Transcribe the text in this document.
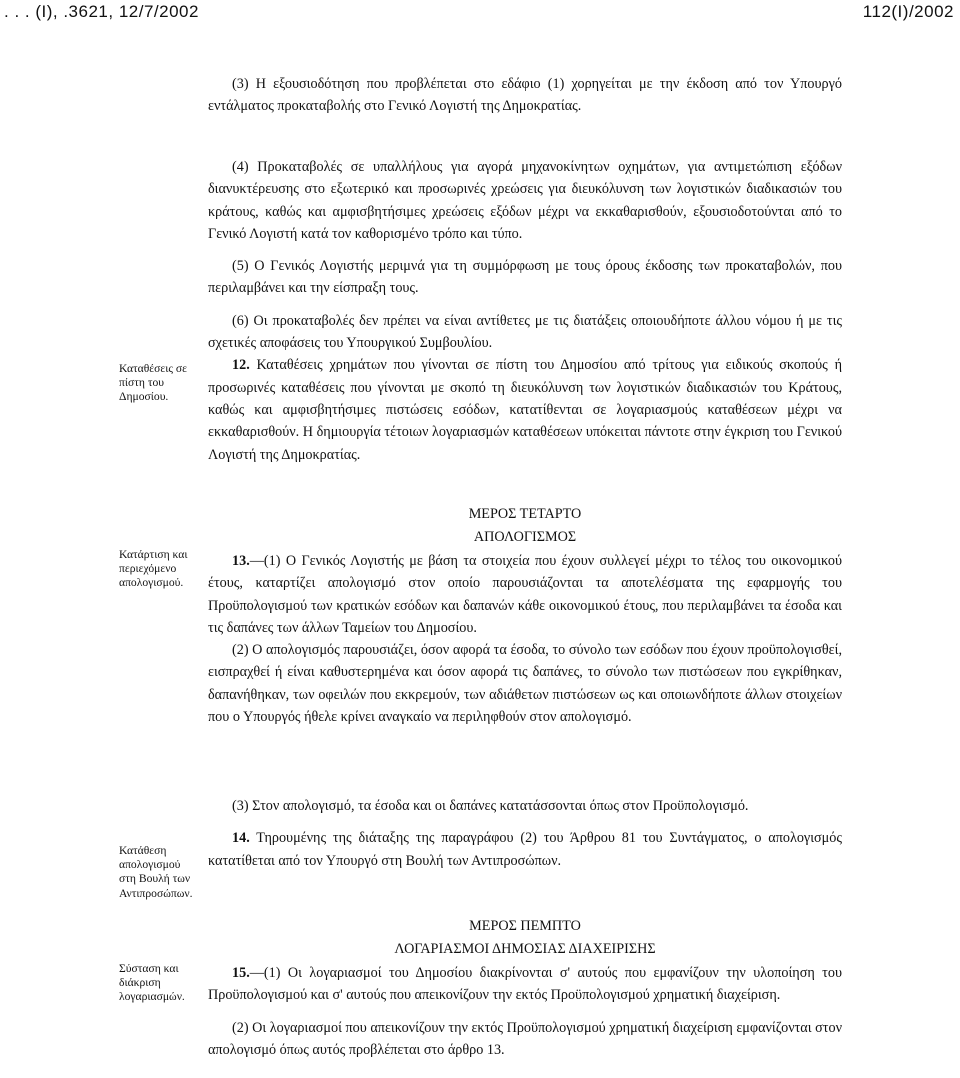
. . . (Ι), .3621, 12/7/2002	112(Ι)/2002

(3) Η εξουσιοδότηση που προβλέπεται στο εδάφιο (1) χορηγείται με την έκδοση από τον Υπουργό εντάλματος προκαταβολής στο Γενικό Λογιστή της Δημοκρατίας.

(4) Προκαταβολές σε υπαλλήλους για αγορά μηχανοκίνητων οχημάτων, για αντιμετώπιση εξόδων διανυκτέρευσης στο εξωτερικό και προσωρινές χρεώσεις για διευκόλυνση των λογιστικών διαδικασιών του κράτους, καθώς και αμφισβητήσιμες χρεώσεις εξόδων μέχρι να εκκαθαρισθούν, εξουσιοδοτούνται από το Γενικό Λογιστή κατά τον καθορισμένο τρόπο και τύπο.

(5) Ο Γενικός Λογιστής μεριμνά για τη συμμόρφωση με τους όρους έκδοσης των προκαταβολών, που περιλαμβάνει και την είσπραξη τους.

(6) Οι προκαταβολές δεν πρέπει να είναι αντίθετες με τις διατάξεις οποιουδήποτε άλλου νόμου ή με τις σχετικές αποφάσεις του Υπουργικού Συμβουλίου.

12. Καταθέσεις χρημάτων που γίνονται σε πίστη του Δημοσίου από τρίτους για ειδικούς σκοπούς ή προσωρινές καταθέσεις που γίνονται με σκοπό τη διευκόλυνση των λογιστικών διαδικασιών του Κράτους, καθώς και αμφισβητήσιμες πιστώσεις εσόδων, κατατίθενται σε λογαριασμούς καταθέσεων μέχρι να εκκαθαρισθούν. Η δημιουργία τέτοιων λογαριασμών καταθέσεων υπόκειται πάντοτε στην έγκριση του Γενικού Λογιστή της Δημοκρατίας.

Καταθέσεις σε
πίστη του
Δημοσίου.
ΜΕΡΟΣ ΤΕΤΑΡΤΟ
ΑΠΟΛΟΓΙΣΜΟΣ

13.—(1) Ο Γενικός Λογιστής με βάση τα στοιχεία που έχουν συλλεγεί μέχρι το τέλος του οικονομικού έτους, καταρτίζει απολογισμό στον οποίο παρουσιάζονται τα αποτελέσματα της εφαρμογής του Προϋπολογισμού των κρατικών εσόδων και δαπανών κάθε οικονομικού έτους, που περιλαμβάνει τα έσοδα και τις δαπάνες των άλλων Ταμείων του Δημοσίου.

(2) Ο απολογισμός παρουσιάζει, όσον αφορά τα έσοδα, το σύνολο των εσόδων που έχουν προϋπολογισθεί, εισπραχθεί ή είναι καθυστερημένα και όσον αφορά τις δαπάνες, το σύνολο των πιστώσεων που εγκρίθηκαν, δαπανήθηκαν, των οφειλών που εκκρεμούν, των αδιάθετων πιστώσεων ως και οποιωνδήποτε άλλων στοιχείων που ο Υπουργός ήθελε κρίνει αναγκαίο να περιληφθούν στον απολογισμό.

Κατάρτιση και
περιεχόμενο
απολογισμού.

(3) Στον απολογισμό, τα έσοδα και οι δαπάνες κατατάσσονται όπως στον Προϋπολογισμό.

14. Τηρουμένης της διάταξης της παραγράφου (2) του Άρθρου 81 του Συντάγματος, ο απολογισμός κατατίθεται από τον Υπουργό στη Βουλή των Αντιπροσώπων.

Κατάθεση
απολογισμού
στη Βουλή των
Αντιπροσώπων.
ΜΕΡΟΣ ΠΕΜΠΤΟ
ΛΟΓΑΡΙΑΣΜΟΙ ΔΗΜΟΣΙΑΣ ΔΙΑΧΕΙΡΙΣΗΣ

15.—(1) Οι λογαριασμοί του Δημοσίου διακρίνονται σ' αυτούς που εμφανίζουν την υλοποίηση του Προϋπολογισμού και σ' αυτούς που απεικονίζουν την εκτός Προϋπολογισμού χρηματική διαχείριση.

(2) Οι λογαριασμοί που απεικονίζουν την εκτός Προϋπολογισμού χρηματική διαχείριση εμφανίζονται στον απολογισμό όπως αυτός προβλέπεται στο άρθρο 13.

Σύσταση και
διάκριση
λογαριασμών.
